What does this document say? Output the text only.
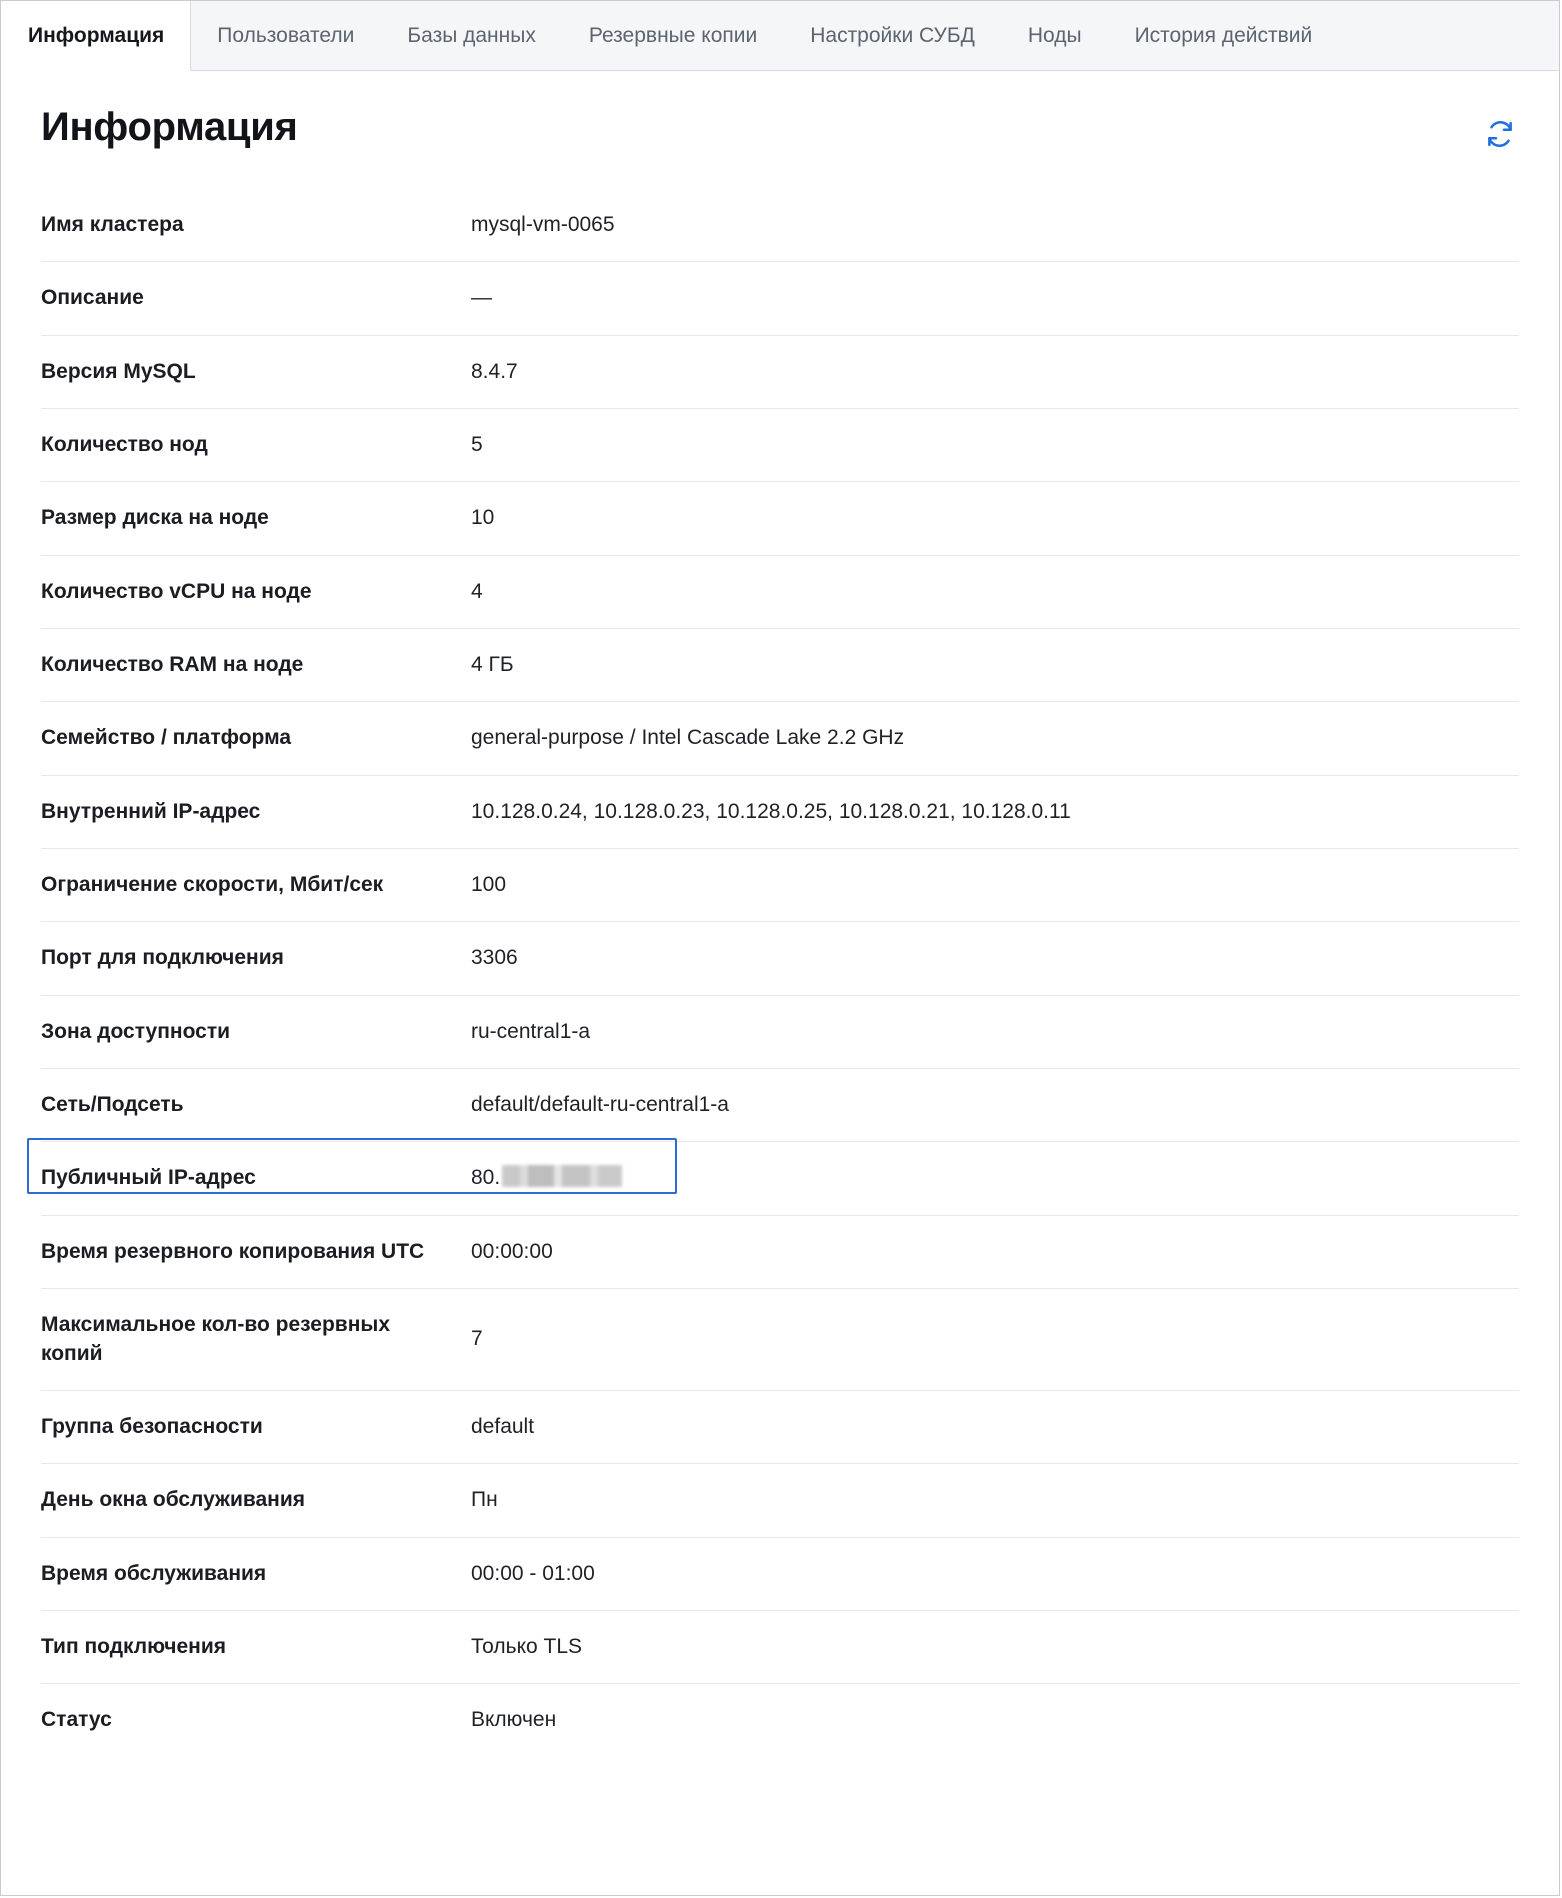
Информация	Пользователи	Базы данных	Резервные копии	Настройки СУБД	Ноды	История действий
Информация
Имя кластера	mysql-vm-0065
Описание	—
Версия MySQL	8.4.7
Количество нод	5
Размер диска на ноде	10
Количество vCPU на ноде	4
Количество RAM на ноде	4 ГБ
Семейство / платформа	general-purpose / Intel Cascade Lake 2.2 GHz
Внутренний IP-адрес	10.128.0.24, 10.128.0.23, 10.128.0.25, 10.128.0.21, 10.128.0.11
Ограничение скорости, Мбит/сек	100
Порт для подключения	3306
Зона доступности	ru-central1-a
Сеть/Подсеть	default/default-ru-central1-a

Публичный IP-адрес	80.
Время резервного копирования UTC	00:00:00
Максимальное кол-во резервных копий	7
Группа безопасности	default
День окна обслуживания	Пн
Время обслуживания	00:00 - 01:00
Тип подключения	Только TLS
Статус	Включен
